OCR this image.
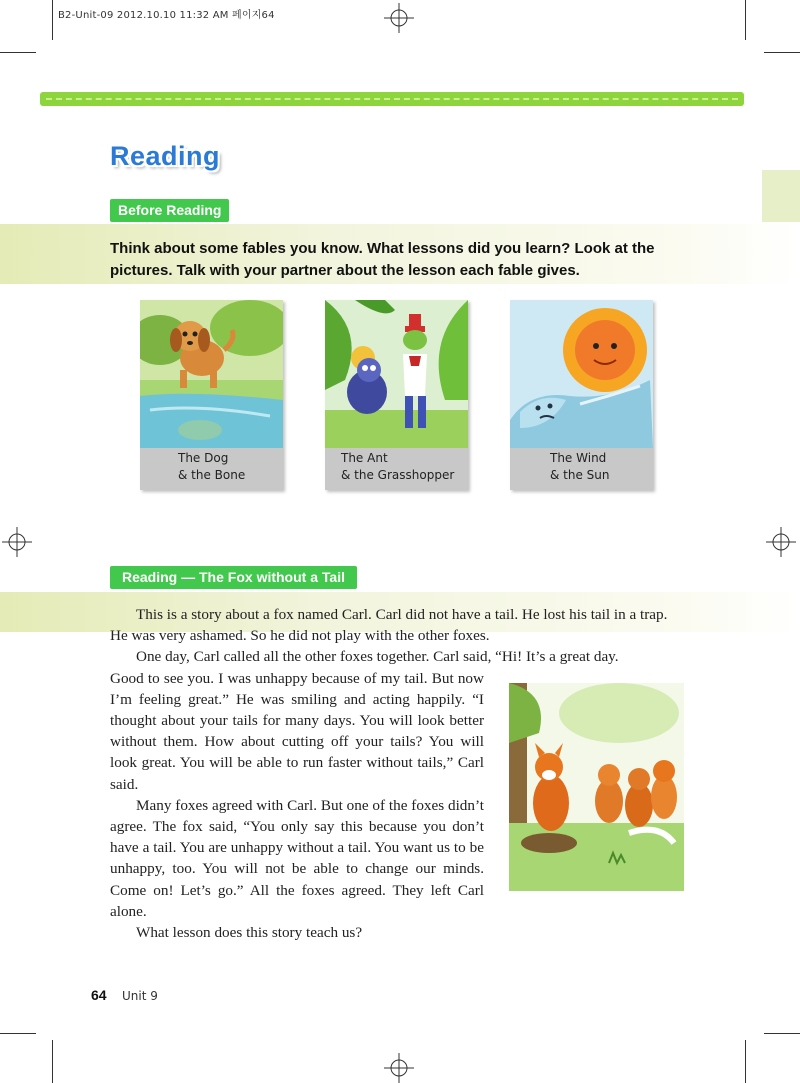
B2-Unit-09 2012.10.10 11:32 AM 페이지64
Reading
Before Reading
Think about some fables you know. What lessons did you learn? Look at the pictures. Talk with your partner about the lesson each fable gives.
The Dog
& the Bone
The Ant
& the Grasshopper
The Wind
& the Sun
Reading — The Fox without a Tail

This is a story about a fox named Carl. Carl did not have a tail. He lost his tail in a trap. He was very ashamed. So he did not play with the other foxes.

One day, Carl called all the other foxes together. Carl said, “Hi! It’s a great day.

Good to see you. I was unhappy because of my tail. But now I’m feeling great.” He was smiling and acting happily. “I thought about your tails for many days. You will look better without them. How about cutting off your tails? You will look great. You will be able to run faster without tails,” Carl said.

Many foxes agreed with Carl. But one of the foxes didn’t agree. The fox said, “You only say this because you don’t have a tail. You are unhappy without a tail. You want us to be unhappy, too. You will not be able to change our minds. Come on! Let’s go.” All the foxes agreed. They left Carl alone.

What lesson does this story teach us?

64 Unit 9
